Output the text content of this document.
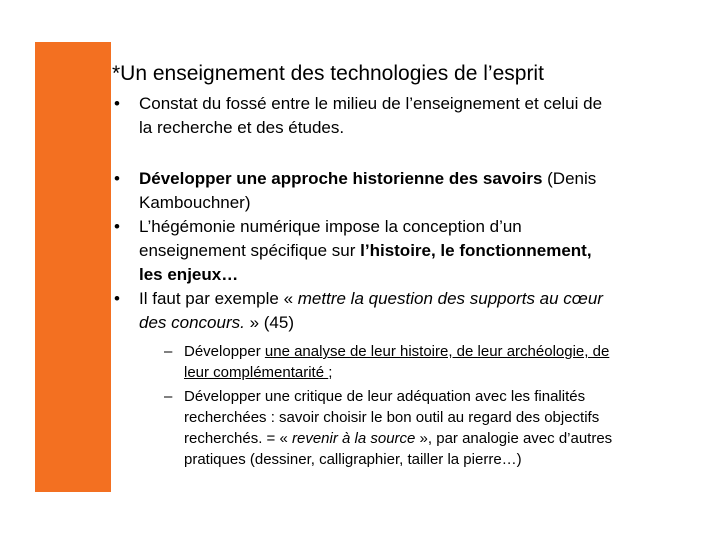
*Un enseignement des technologies de l’esprit
• Constat du fossé entre le milieu de l’enseignement et celui de
la recherche et des études.
• Développer une approche historienne des savoirs (Denis
Kambouchner)
• L’hégémonie numérique impose la conception d’un
enseignement spécifique sur l’histoire, le fonctionnement,
les enjeux…
• Il faut par exemple « mettre la question des supports au cœur
des concours. » (45)
– Développer une analyse de leur histoire, de leur archéologie, de
leur complémentarité ;
– Développer une critique de leur adéquation avec les finalités
recherchées : savoir choisir le bon outil au regard des objectifs
recherchés. = « revenir à la source », par analogie avec d’autres
pratiques (dessiner, calligraphier, tailler la pierre…)
